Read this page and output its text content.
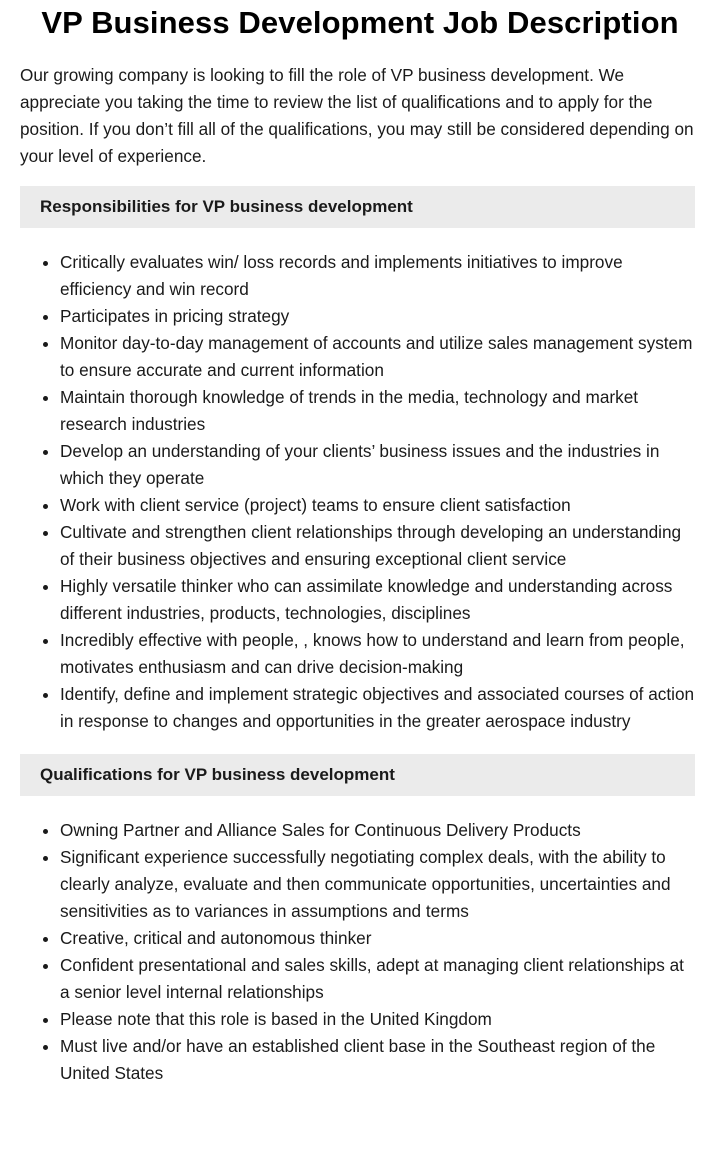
VP Business Development Job Description

Our growing company is looking to fill the role of VP business development. We appreciate you taking the time to review the list of qualifications and to apply for the position. If you don’t fill all of the qualifications, you may still be considered depending on your level of experience.

Responsibilities for VP business development
Critically evaluates win/ loss records and implements initiatives to improve efficiency and win record
Participates in pricing strategy
Monitor day-to-day management of accounts and utilize sales management system to ensure accurate and current information
Maintain thorough knowledge of trends in the media, technology and market research industries
Develop an understanding of your clients’ business issues and the industries in which they operate
Work with client service (project) teams to ensure client satisfaction
Cultivate and strengthen client relationships through developing an understanding of their business objectives and ensuring exceptional client service
Highly versatile thinker who can assimilate knowledge and understanding across different industries, products, technologies, disciplines
Incredibly effective with people, , knows how to understand and learn from people, motivates enthusiasm and can drive decision-making
Identify, define and implement strategic objectives and associated courses of action in response to changes and opportunities in the greater aerospace industry
Qualifications for VP business development
Owning Partner and Alliance Sales for Continuous Delivery Products
Significant experience successfully negotiating complex deals, with the ability to clearly analyze, evaluate and then communicate opportunities, uncertainties and sensitivities as to variances in assumptions and terms
Creative, critical and autonomous thinker
Confident presentational and sales skills, adept at managing client relationships at a senior level internal relationships
Please note that this role is based in the United Kingdom
Must live and/or have an established client base in the Southeast region of the United States
